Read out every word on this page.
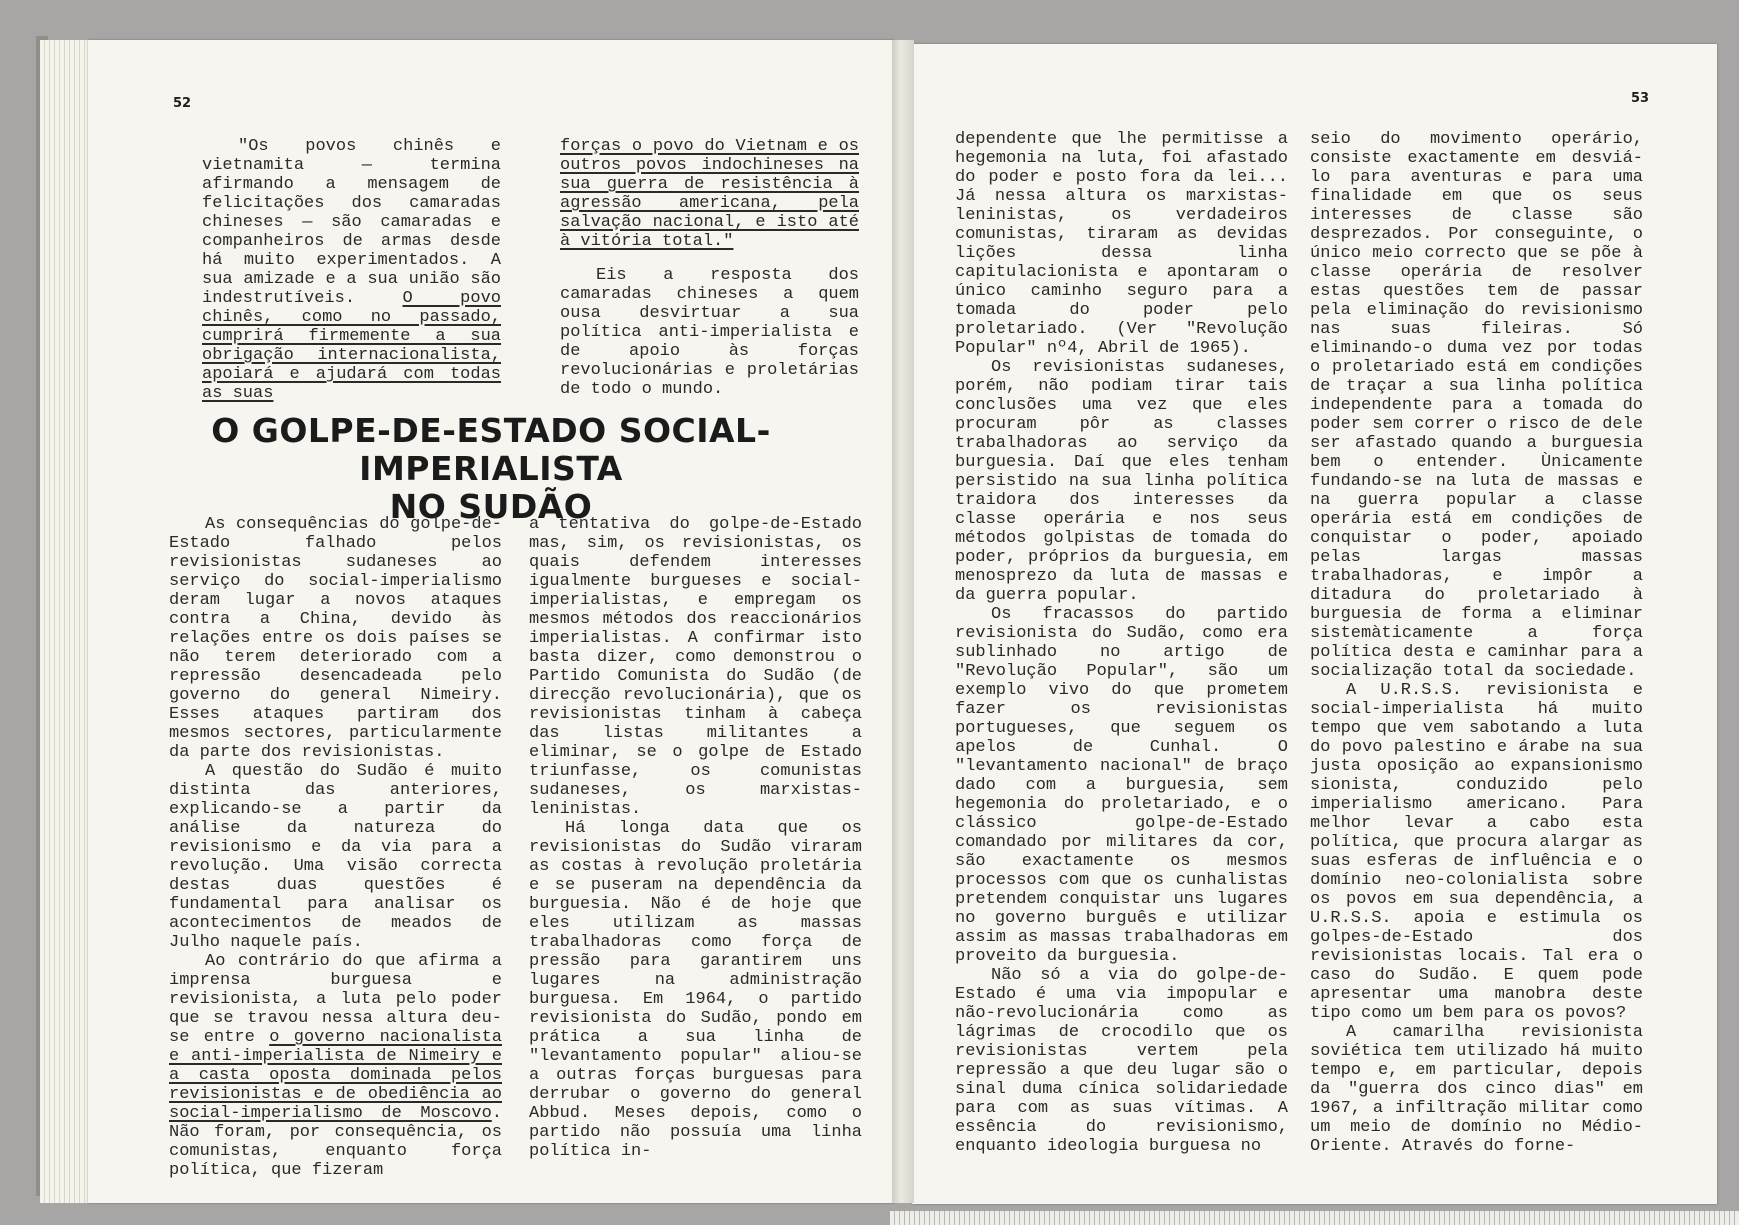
52

"Os povos chinês e vietnamita — termina afirmando a mensagem de felicitações dos camaradas chineses — são camaradas e companheiros de armas desde há muito experimentados. A sua amizade e a sua união são indestrutíveis. O povo chinês, como no passado, cumprirá firmemente a sua obrigação internacionalista, apoiará e ajudará com todas as suas

forças o povo do Vietnam e os outros povos indochineses na sua guerra de resistência à agressão americana, pela salvação nacional, e isto até à vitória total."

Eis a resposta dos camaradas chineses a quem ousa desvirtuar a sua política anti-imperialista e de apoio às forças revolucionárias e proletárias de todo o mundo.

O GOLPE-DE-ESTADO SOCIAL-IMPERIALISTA
NO SUDÃO

As consequências do golpe-de-Estado falhado pelos revisionistas sudaneses ao serviço do social-imperialismo deram lugar a novos ataques contra a China, devido às relações entre os dois países se não terem deteriorado com a repressão desencadeada pelo governo do general Nimeiry. Esses ataques partiram dos mesmos sectores, particularmente da parte dos revisionistas.

A questão do Sudão é muito distinta das anteriores, explicando-se a partir da análise da natureza do revisionismo e da via para a revolução. Uma visão correcta destas duas questões é fundamental para analisar os acontecimentos de meados de Julho naquele país.

Ao contrário do que afirma a imprensa burguesa e revisionista, a luta pelo poder que se travou nessa altura deu-se entre o governo nacionalista e anti-imperialista de Nimeiry e a casta oposta dominada pelos revisionistas e de obediência ao social-imperialismo de Moscovo. Não foram, por consequência, os comunistas, enquanto força política, que fizeram

a tentativa do golpe-de-Estado mas, sim, os revisionistas, os quais defendem interesses igualmente burgueses e social-imperialistas, e empregam os mesmos métodos dos reaccionários imperialistas. A confirmar isto basta dizer, como demonstrou o Partido Comunista do Sudão (de direcção revolucionária), que os revisionistas tinham à cabeça das listas militantes a eliminar, se o golpe de Estado triunfasse, os comunistas sudaneses, os marxistas-leninistas.

Há longa data que os revisionistas do Sudão viraram as costas à revolução proletária e se puseram na dependência da burguesia. Não é de hoje que eles utilizam as massas trabalhadoras como força de pressão para garantirem uns lugares na administração burguesa. Em 1964, o partido revisionista do Sudão, pondo em prática a sua linha de "levantamento popular" aliou-se a outras forças burguesas para derrubar o governo do general Abbud. Meses depois, como o partido não possuía uma linha política in-

53

dependente que lhe permitisse a hegemonia na luta, foi afastado do poder e posto fora da lei... Já nessa altura os marxistas-leninistas, os verdadeiros comunistas, tiraram as devidas lições dessa linha capitulacionista e apontaram o único caminho seguro para a tomada do poder pelo proletariado. (Ver "Revolução Popular" nº4, Abril de 1965).

Os revisionistas sudaneses, porém, não podiam tirar tais conclusões uma vez que eles procuram pôr as classes trabalhadoras ao serviço da burguesia. Daí que eles tenham persistido na sua linha política traidora dos interesses da classe operária e nos seus métodos golpistas de tomada do poder, próprios da burguesia, em menosprezo da luta de massas e da guerra popular.

Os fracassos do partido revisionista do Sudão, como era sublinhado no artigo de "Revolução Popular", são um exemplo vivo do que prometem fazer os revisionistas portugueses, que seguem os apelos de Cunhal. O "levantamento nacional" de braço dado com a burguesia, sem hegemonia do proletariado, e o clássico golpe-de-Estado comandado por militares da cor, são exactamente os mesmos processos com que os cunhalistas pretendem conquistar uns lugares no governo burguês e utilizar assim as massas trabalhadoras em proveito da burguesia.

Não só a via do golpe-de-Estado é uma via impopular e não-revolucionária como as lágrimas de crocodilo que os revisionistas vertem pela repressão a que deu lugar são o sinal duma cínica solidariedade para com as suas vítimas. A essência do revisionismo, enquanto ideologia burguesa no

seio do movimento operário, consiste exactamente em desviá-lo para aventuras e para uma finalidade em que os seus interesses de classe são desprezados. Por conseguinte, o único meio correcto que se põe à classe operária de resolver estas questões tem de passar pela eliminação do revisionismo nas suas fileiras. Só eliminando-o duma vez por todas o proletariado está em condições de traçar a sua linha política independente para a tomada do poder sem correr o risco de dele ser afastado quando a burguesia bem o entender. Ùnicamente fundando-se na luta de massas e na guerra popular a classe operária está em condições de conquistar o poder, apoiado pelas largas massas trabalhadoras, e impôr a ditadura do proletariado à burguesia de forma a eliminar sistemàticamente a força política desta e caminhar para a socialização total da sociedade.

A U.R.S.S. revisionista e social-imperialista há muito tempo que vem sabotando a luta do povo palestino e árabe na sua justa oposição ao expansionismo sionista, conduzido pelo imperialismo americano. Para melhor levar a cabo esta política, que procura alargar as suas esferas de influência e o domínio neo-colonialista sobre os povos em sua dependência, a U.R.S.S. apoia e estimula os golpes-de-Estado dos revisionistas locais. Tal era o caso do Sudão. E quem pode apresentar uma manobra deste tipo como um bem para os povos?

A camarilha revisionista soviética tem utilizado há muito tempo e, em particular, depois da "guerra dos cinco dias" em 1967, a infiltração militar como um meio de domínio no Médio-Oriente. Através do forne-
